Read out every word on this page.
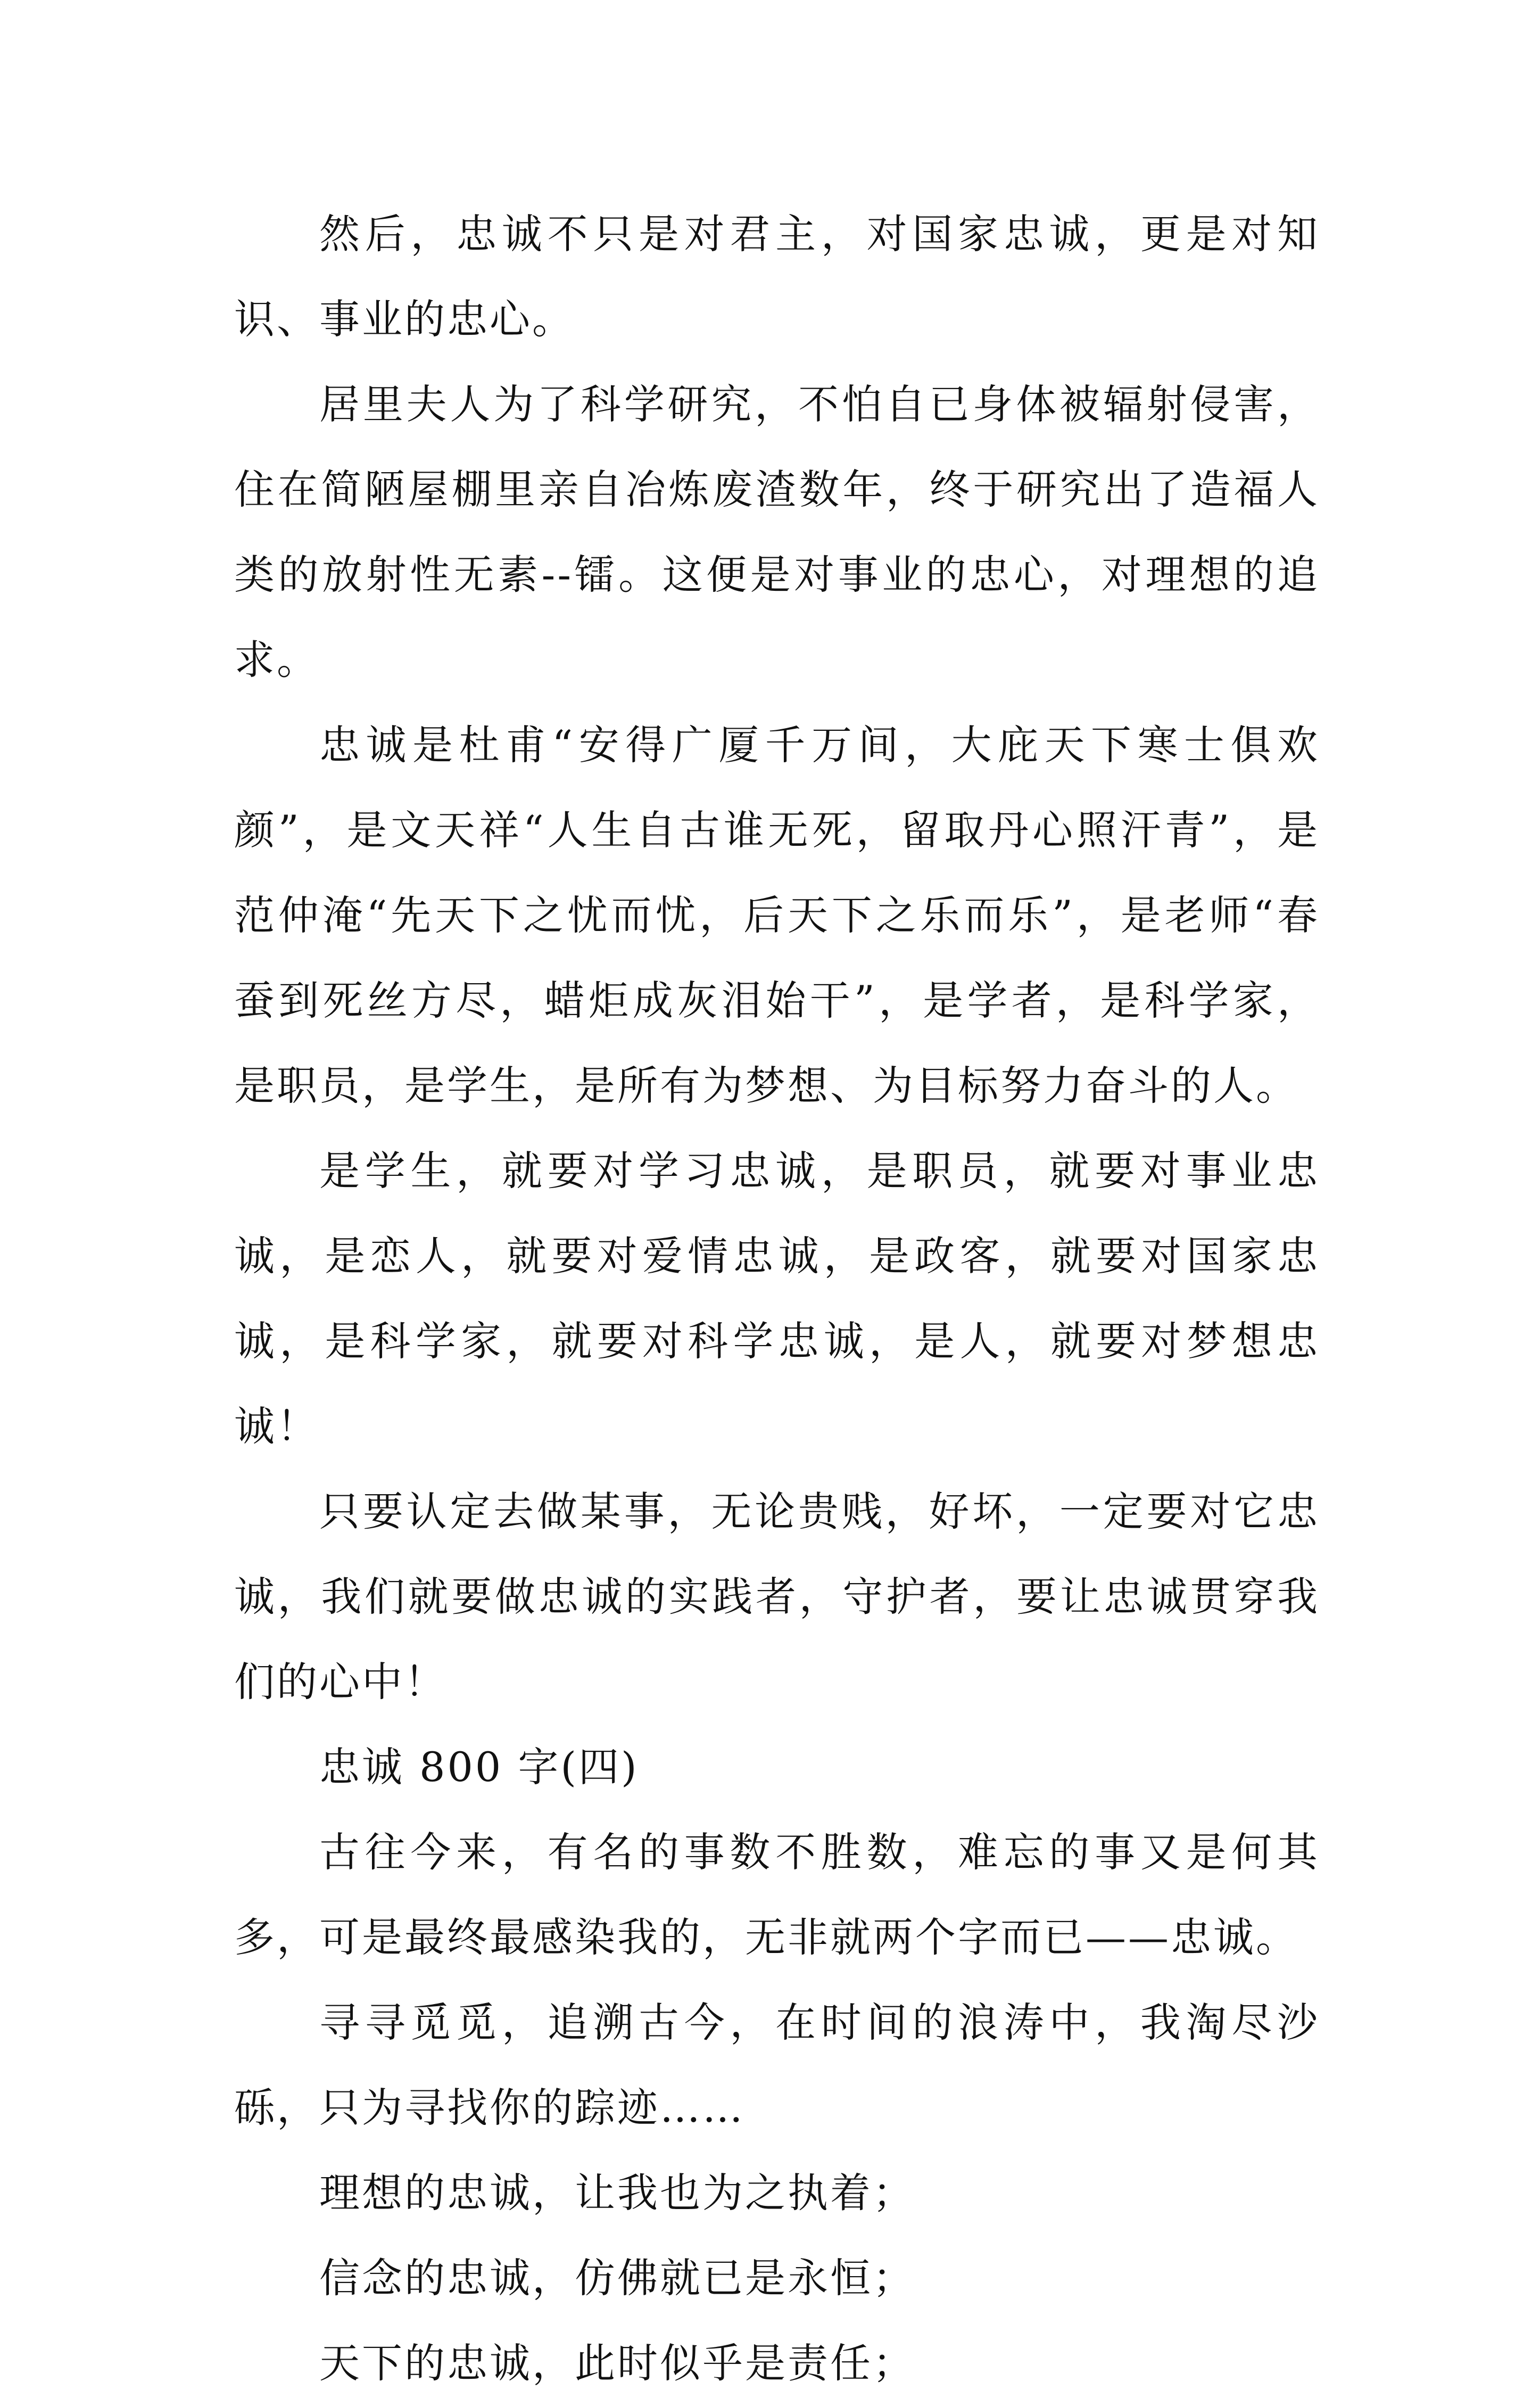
然后，忠诚不只是对君主，对国家忠诚，更是对知识、事业的忠心。

居里夫人为了科学研究，不怕自已身体被辐射侵害，住在简陋屋棚里亲自冶炼废渣数年，终于研究出了造福人类的放射性无素--镭。这便是对事业的忠心，对理想的追求。

忠诚是杜甫“安得广厦千万间，大庇天下寒士俱欢颜”，是文天祥“人生自古谁无死，留取丹心照汗青”，是范仲淹“先天下之忧而忧，后天下之乐而乐”，是老师“春蚕到死丝方尽，蜡炬成灰泪始干”，是学者，是科学家，是职员，是学生，是所有为梦想、为目标努力奋斗的人。

是学生，就要对学习忠诚，是职员，就要对事业忠诚，是恋人，就要对爱情忠诚，是政客，就要对国家忠诚，是科学家，就要对科学忠诚，是人，就要对梦想忠诚！

只要认定去做某事，无论贵贱，好坏，一定要对它忠诚，我们就要做忠诚的实践者，守护者，要让忠诚贯穿我们的心中！

忠诚 800 字(四)

古往今来，有名的事数不胜数，难忘的事又是何其多，可是最终最感染我的，无非就两个字而已——忠诚。

寻寻觅觅，追溯古今，在时间的浪涛中，我淘尽沙砾，只为寻找你的踪迹……

理想的忠诚，让我也为之执着；

信念的忠诚，仿佛就已是永恒；

天下的忠诚，此时似乎是责任；
